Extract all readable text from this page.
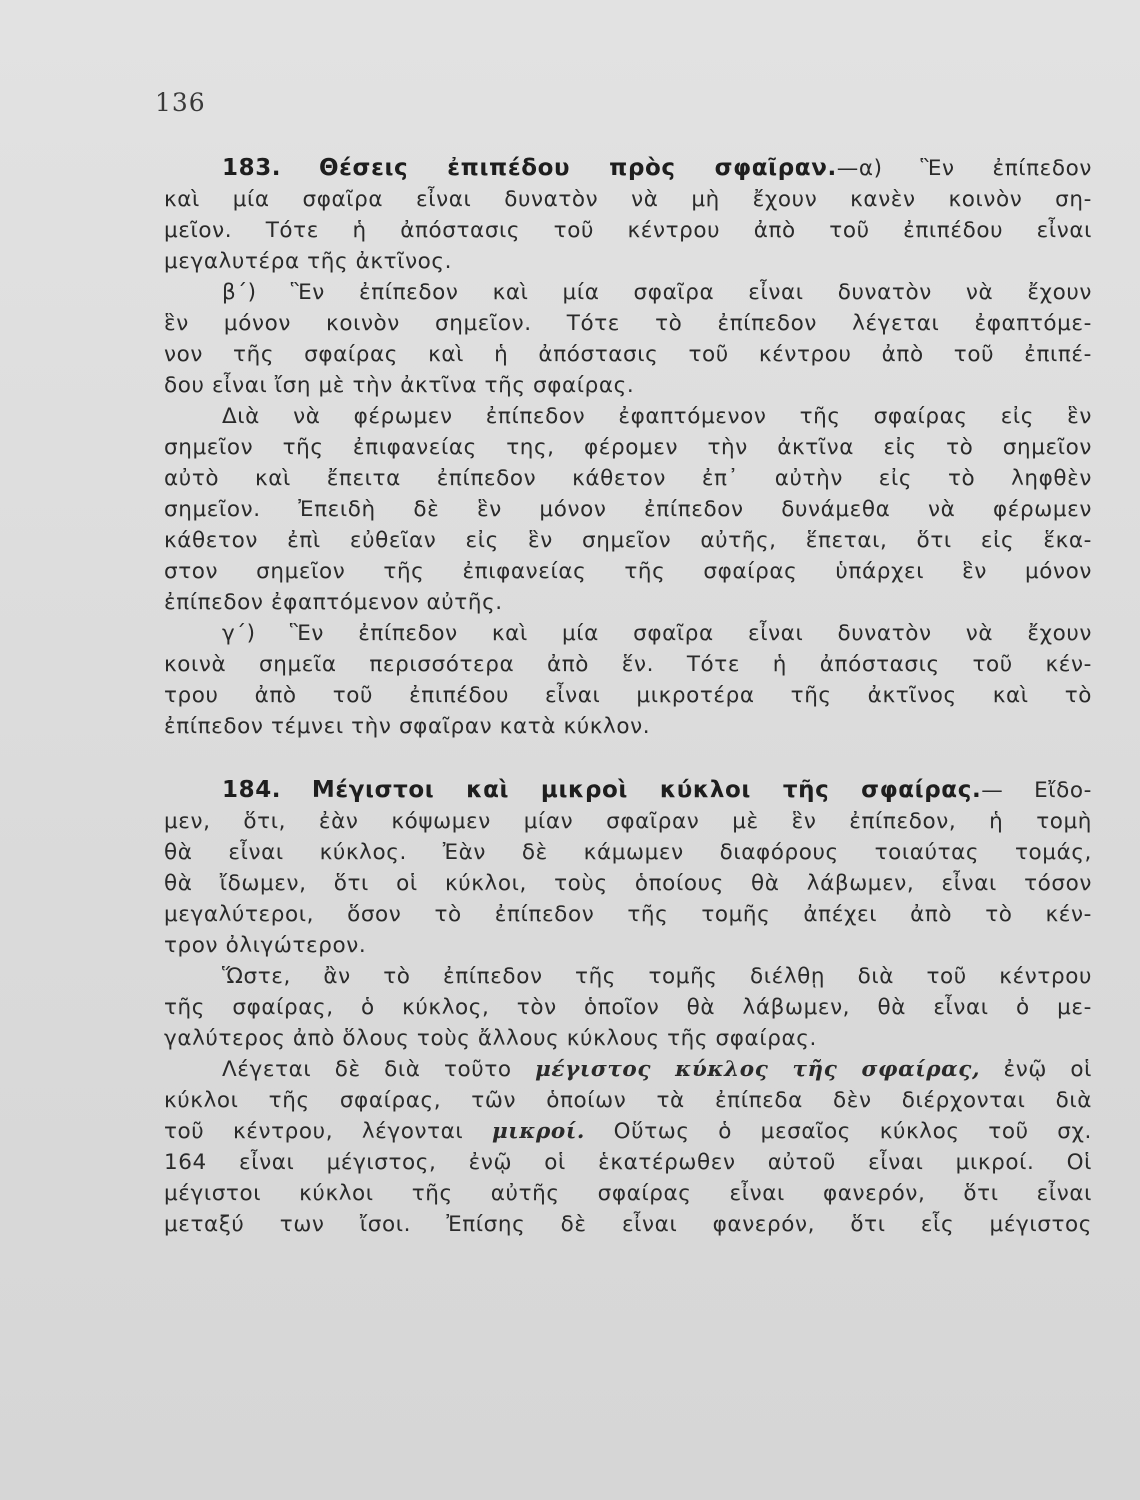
136
183. Θέσεις ἐπιπέδου πρὸς σφαῖραν.—α) Ἓν ἐπίπεδον
καὶ μία σφαῖρα εἶναι δυνατὸν νὰ μὴ ἔχουν κανὲν κοινὸν ση-
μεῖον. Τότε ἡ ἀπόστασις τοῦ κέντρου ἀπὸ τοῦ ἐπιπέδου εἶναι
μεγαλυτέρα τῆς ἀκτῖνος.
β΄) Ἓν ἐπίπεδον καὶ μία σφαῖρα εἶναι δυνατὸν νὰ ἔχουν
ἓν μόνον κοινὸν σημεῖον. Τότε τὸ ἐπίπεδον λέγεται ἐφαπτόμε-
νον τῆς σφαίρας καὶ ἡ ἀπόστασις τοῦ κέντρου ἀπὸ τοῦ ἐπιπέ-
δου εἶναι ἴση μὲ τὴν ἀκτῖνα τῆς σφαίρας.
Διὰ νὰ φέρωμεν ἐπίπεδον ἐφαπτόμενον τῆς σφαίρας εἰς ἓν
σημεῖον τῆς ἐπιφανείας της, φέρομεν τὴν ἀκτῖνα εἰς τὸ σημεῖον
αὐτὸ καὶ ἔπειτα ἐπίπεδον κάθετον ἐπ᾽ αὐτὴν εἰς τὸ ληφθὲν
σημεῖον. Ἐπειδὴ δὲ ἓν μόνον ἐπίπεδον δυνάμεθα νὰ φέρωμεν
κάθετον ἐπὶ εὐθεῖαν εἰς ἓν σημεῖον αὐτῆς, ἕπεται, ὅτι εἰς ἕκα-
στον σημεῖον τῆς ἐπιφανείας τῆς σφαίρας ὑπάρχει ἓν μόνον
ἐπίπεδον ἐφαπτόμενον αὐτῆς.
γ΄) Ἓν ἐπίπεδον καὶ μία σφαῖρα εἶναι δυνατὸν νὰ ἔχουν
κοινὰ σημεῖα περισσότερα ἀπὸ ἕν. Τότε ἡ ἀπόστασις τοῦ κέν-
τρου ἀπὸ τοῦ ἐπιπέδου εἶναι μικροτέρα τῆς ἀκτῖνος καὶ τὸ
ἐπίπεδον τέμνει τὴν σφαῖραν κατὰ κύκλον.
184. Μέγιστοι καὶ μικροὶ κύκλοι τῆς σφαίρας.— Εἴδο-
μεν, ὅτι, ἐὰν κόψωμεν μίαν σφαῖραν μὲ ἓν ἐπίπεδον, ἡ τομὴ
θὰ εἶναι κύκλος. Ἐὰν δὲ κάμωμεν διαφόρους τοιαύτας τομάς,
θὰ ἴδωμεν, ὅτι οἱ κύκλοι, τοὺς ὁποίους θὰ λάβωμεν, εἶναι τόσον
μεγαλύτεροι, ὅσον τὸ ἐπίπεδον τῆς τομῆς ἀπέχει ἀπὸ τὸ κέν-
τρον ὀλιγώτερον.
Ὥστε, ἂν τὸ ἐπίπεδον τῆς τομῆς διέλθῃ διὰ τοῦ κέντρου
τῆς σφαίρας, ὁ κύκλος, τὸν ὁποῖον θὰ λάβωμεν, θὰ εἶναι ὁ με-
γαλύτερος ἀπὸ ὅλους τοὺς ἄλλους κύκλους τῆς σφαίρας.
Λέγεται δὲ διὰ τοῦτο μέγιστος κύκλος τῆς σφαίρας, ἐνῷ οἱ
κύκλοι τῆς σφαίρας, τῶν ὁποίων τὰ ἐπίπεδα δὲν διέρχονται διὰ
τοῦ κέντρου, λέγονται μικροί. Οὕτως ὁ μεσαῖος κύκλος τοῦ σχ.
164 εἶναι μέγιστος, ἐνῷ οἱ ἑκατέρωθεν αὐτοῦ εἶναι μικροί. Οἱ
μέγιστοι κύκλοι τῆς αὐτῆς σφαίρας εἶναι φανερόν, ὅτι εἶναι
μεταξύ των ἴσοι. Ἐπίσης δὲ εἶναι φανερόν, ὅτι εἷς μέγιστος
